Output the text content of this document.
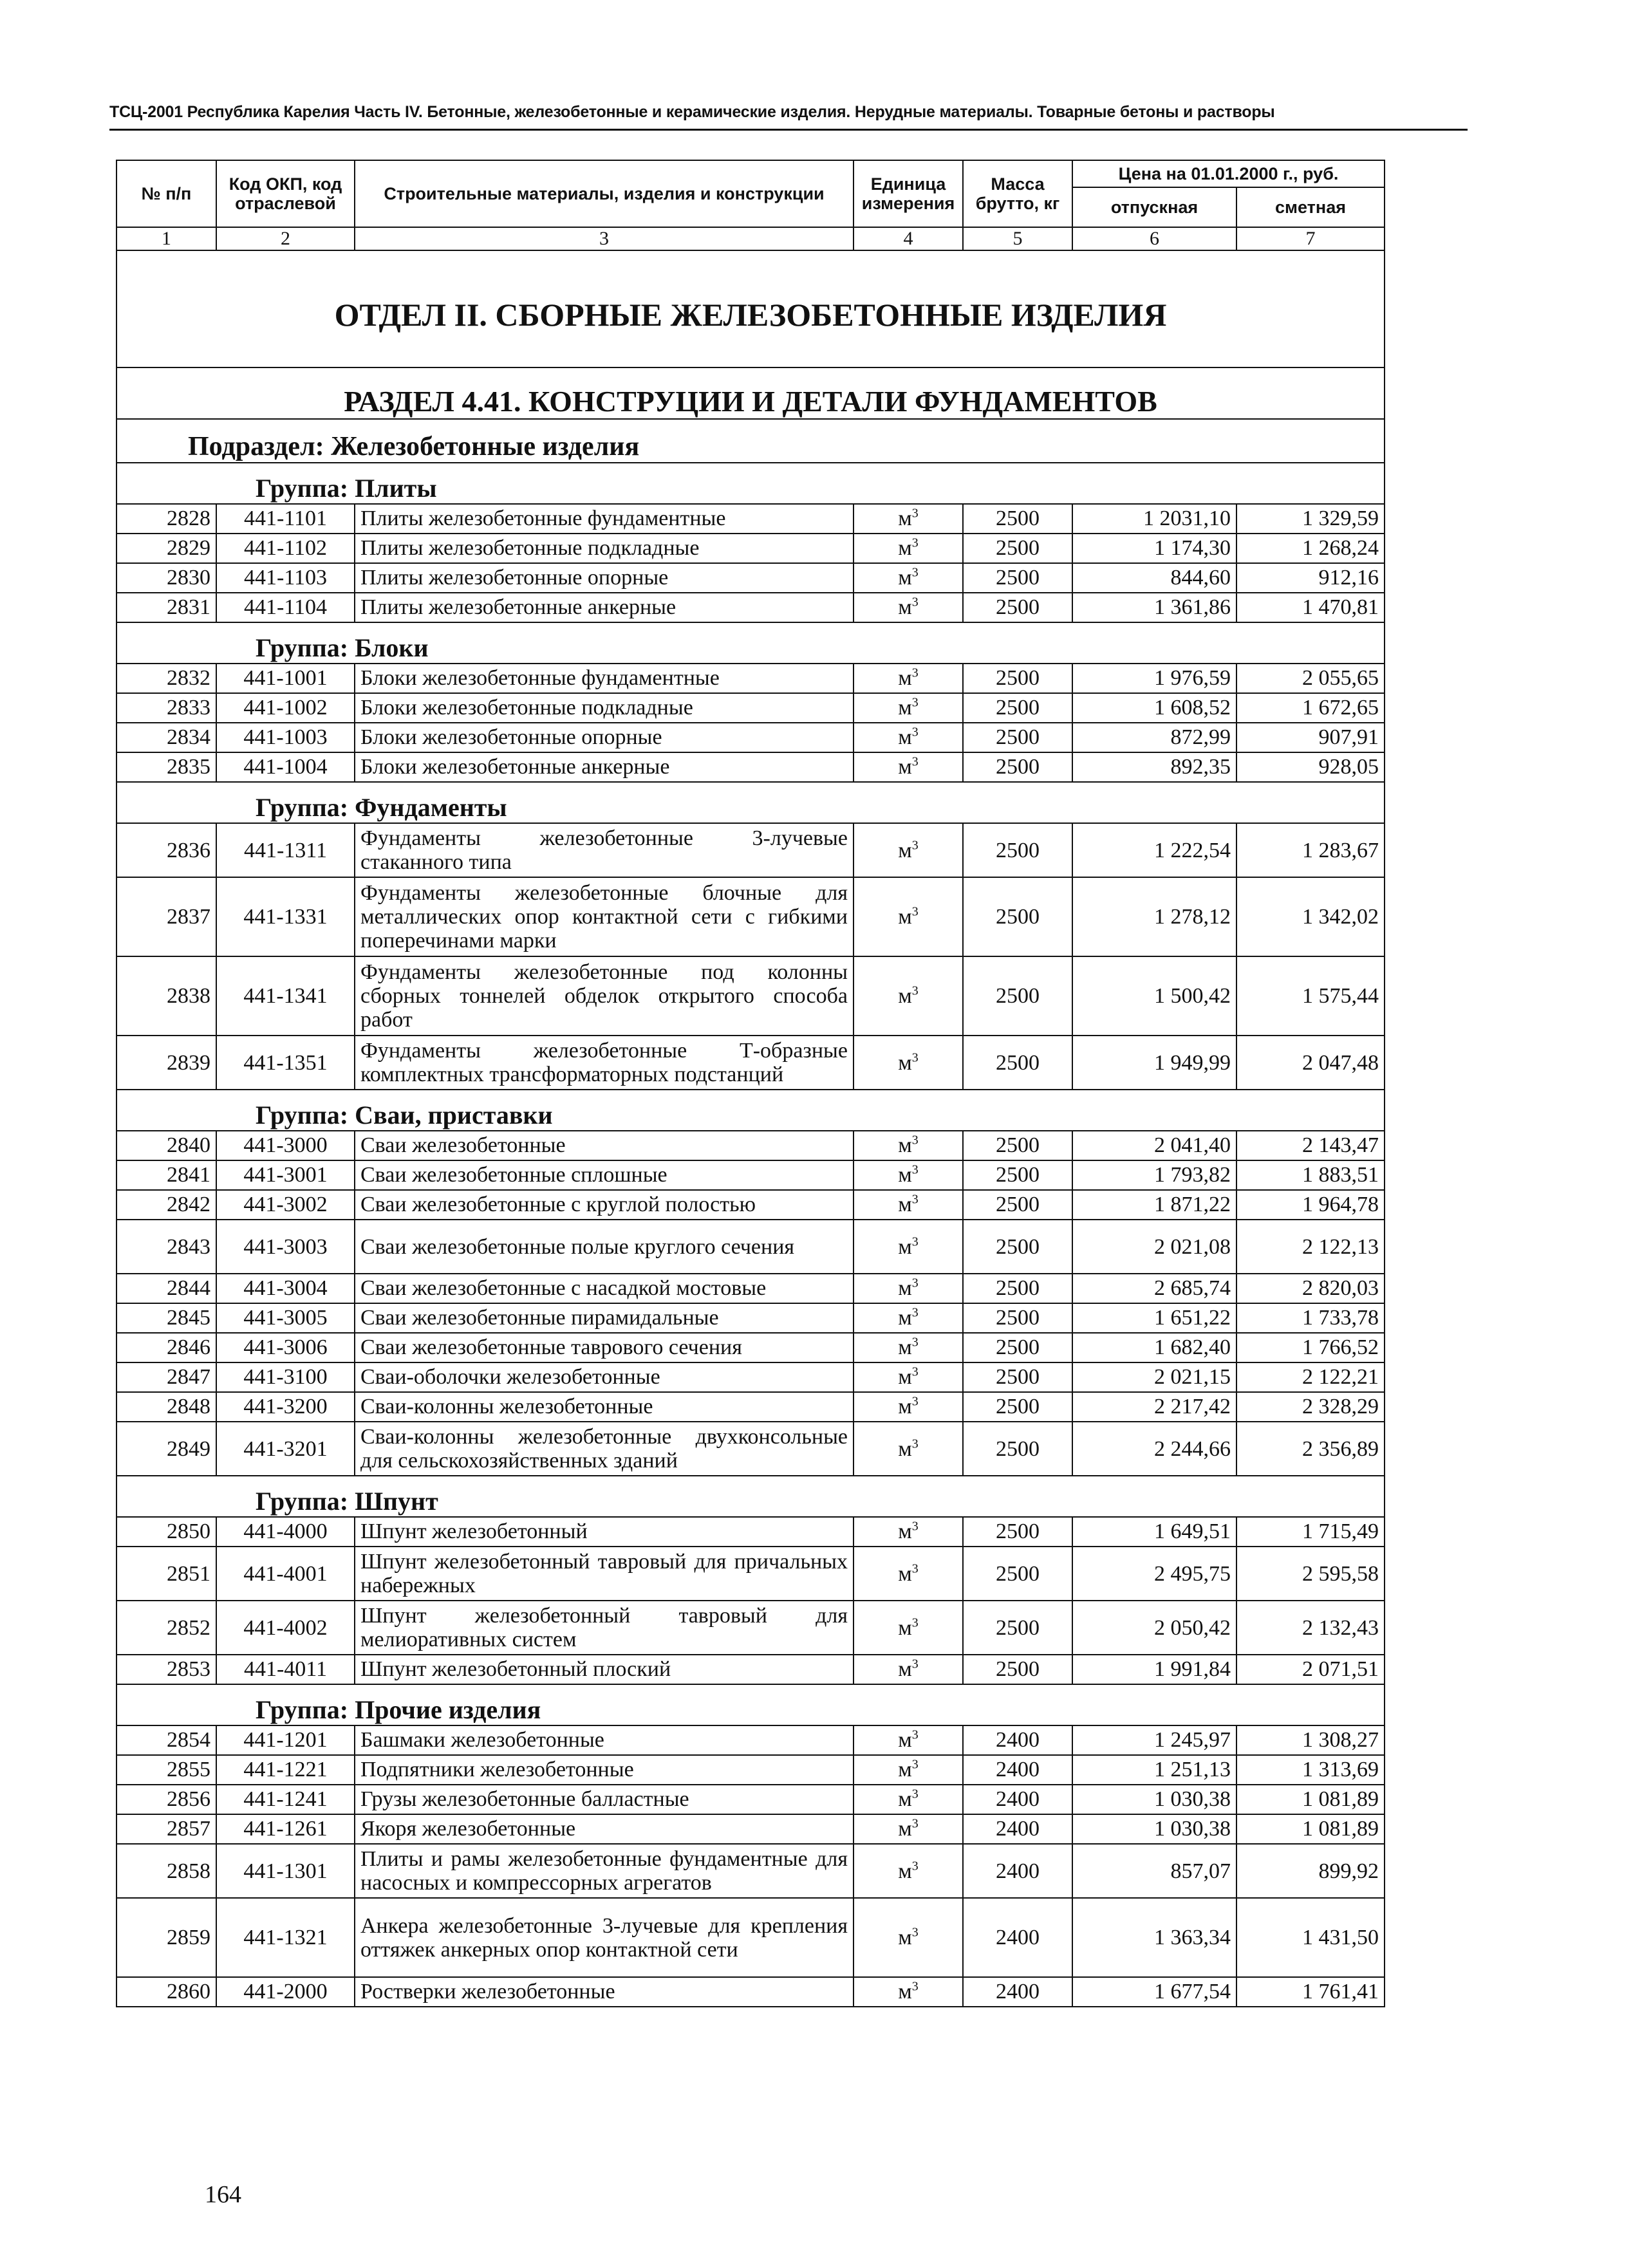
ТСЦ-2001 Республика Карелия Часть IV. Бетонные, железобетонные и керамические изделия. Нерудные материалы. Товарные бетоны и растворы
№ п/п	Код ОКП, код отраслевой	Строительные материалы, изделия и конструкции	Единица измерения	Масса брутто, кг	Цена на 01.01.2000 г., руб.	
					отпускная	сметная
1	2	3	4	5	6	7
ОТДЕЛ II. СБОРНЫЕ ЖЕЛЕЗОБЕТОННЫЕ ИЗДЕЛИЯ						
РАЗДЕЛ 4.41. КОНСТРУЦИИ И ДЕТАЛИ ФУНДАМЕНТОВ						
Подраздел: Железобетонные изделия						
Группа: Плиты						
2828	441-1101	Плиты железобетонные фундаментные	$м^3$	2500	1 2031,10	1 329,59
2829	441-1102	Плиты железобетонные подкладные	$м^3$	2500	1 174,30	1 268,24
2830	441-1103	Плиты железобетонные опорные	$м^3$	2500	844,60	912,16
2831	441-1104	Плиты железобетонные анкерные	$м^3$	2500	1 361,86	1 470,81
Группа: Блоки						
2832	441-1001	Блоки железобетонные фундаментные	$м^3$	2500	1 976,59	2 055,65
2833	441-1002	Блоки железобетонные подкладные	$м^3$	2500	1 608,52	1 672,65
2834	441-1003	Блоки железобетонные опорные	$м^3$	2500	872,99	907,91
2835	441-1004	Блоки железобетонные анкерные	$м^3$	2500	892,35	928,05
Группа: Фундаменты						
2836	441-1311	Фундаменты железобетонные 3-лучевые стаканного типа	$м^3$	2500	1 222,54	1 283,67
2837	441-1331	Фундаменты железобетонные блочные для металлических опор контактной сети с гибкими поперечинами марки	$м^3$	2500	1 278,12	1 342,02
2838	441-1341	Фундаменты железобетонные под колонны сборных тоннелей обделок открытого способа работ	$м^3$	2500	1 500,42	1 575,44
2839	441-1351	Фундаменты железобетонные Т-образные комплектных трансформаторных подстанций	$м^3$	2500	1 949,99	2 047,48
Группа: Сваи, приставки						
2840	441-3000	Сваи железобетонные	$м^3$	2500	2 041,40	2 143,47
2841	441-3001	Сваи железобетонные сплошные	$м^3$	2500	1 793,82	1 883,51
2842	441-3002	Сваи железобетонные с круглой полостью	$м^3$	2500	1 871,22	1 964,78
2843	441-3003	Сваи железобетонные полые круглого сечения	$м^3$	2500	2 021,08	2 122,13
2844	441-3004	Сваи железобетонные с насадкой мостовые	$м^3$	2500	2 685,74	2 820,03
2845	441-3005	Сваи железобетонные пирамидальные	$м^3$	2500	1 651,22	1 733,78
2846	441-3006	Сваи железобетонные таврового сечения	$м^3$	2500	1 682,40	1 766,52
2847	441-3100	Сваи-оболочки железобетонные	$м^3$	2500	2 021,15	2 122,21
2848	441-3200	Сваи-колонны железобетонные	$м^3$	2500	2 217,42	2 328,29
2849	441-3201	Сваи-колонны железобетонные двухконсольные для сельскохозяйственных зданий	$м^3$	2500	2 244,66	2 356,89
Группа: Шпунт						
2850	441-4000	Шпунт железобетонный	$м^3$	2500	1 649,51	1 715,49
2851	441-4001	Шпунт железобетонный тавровый для причальных набережных	$м^3$	2500	2 495,75	2 595,58
2852	441-4002	Шпунт железобетонный тавровый для мелиоративных систем	$м^3$	2500	2 050,42	2 132,43
2853	441-4011	Шпунт железобетонный плоский	$м^3$	2500	1 991,84	2 071,51
Группа: Прочие изделия						
2854	441-1201	Башмаки железобетонные	$м^3$	2400	1 245,97	1 308,27
2855	441-1221	Подпятники железобетонные	$м^3$	2400	1 251,13	1 313,69
2856	441-1241	Грузы железобетонные балластные	$м^3$	2400	1 030,38	1 081,89
2857	441-1261	Якоря железобетонные	$м^3$	2400	1 030,38	1 081,89
2858	441-1301	Плиты и рамы железобетонные фундаментные для насосных и компрессорных агрегатов	$м^3$	2400	857,07	899,92
2859	441-1321	Анкера железобетонные 3-лучевые для крепления оттяжек анкерных опор контактной сети	$м^3$	2400	1 363,34	1 431,50
2860	441-2000	Ростверки железобетонные	$м^3$	2400	1 677,54	1 761,41
164
